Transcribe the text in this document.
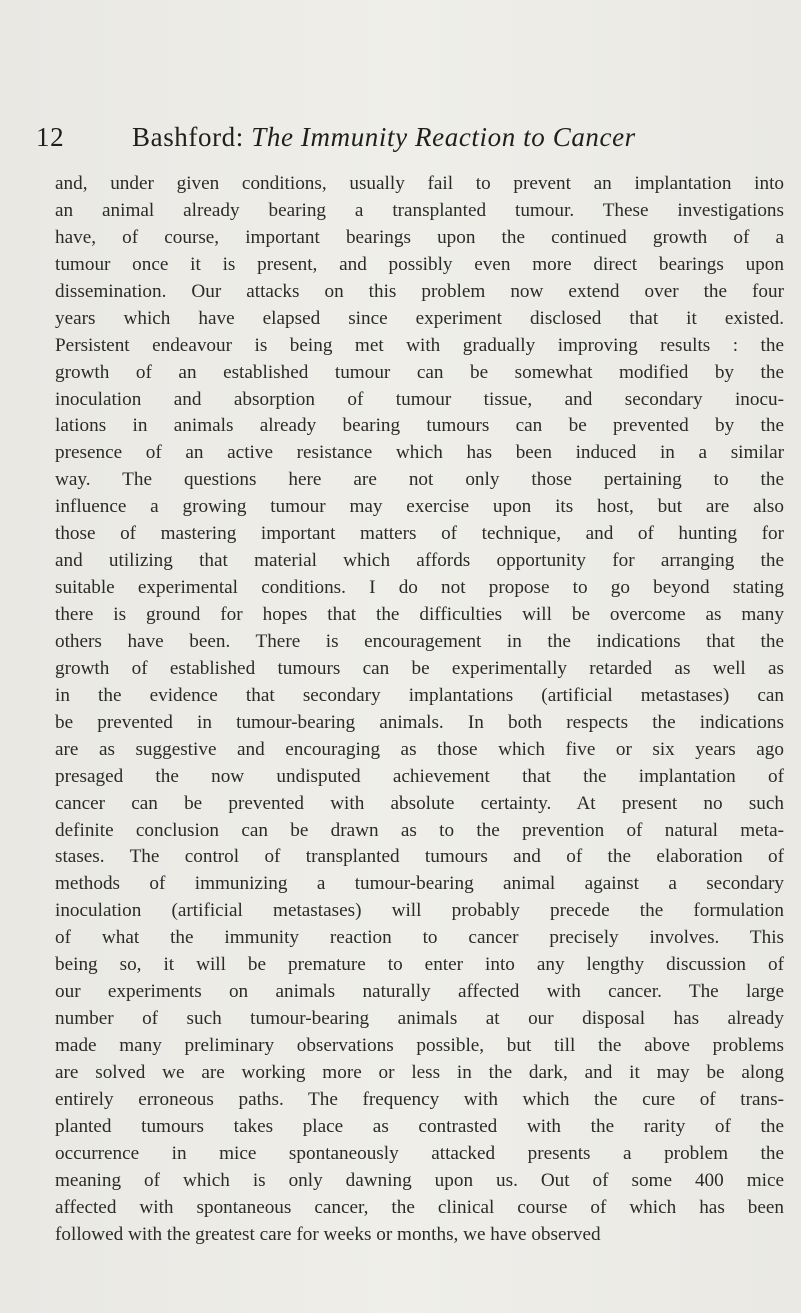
12	Bashford: The Immunity Reaction to Cancer
and, under given conditions, usually fail to prevent an implantation into
an animal already bearing a transplanted tumour. These investigations
have, of course, important bearings upon the continued growth of a
tumour once it is present, and possibly even more direct bearings upon
dissemination. Our attacks on this problem now extend over the four
years which have elapsed since experiment disclosed that it existed.
Persistent endeavour is being met with gradually improving results : the
growth of an established tumour can be somewhat modified by the
inoculation and absorption of tumour tissue, and secondary inocu-
lations in animals already bearing tumours can be prevented by the
presence of an active resistance which has been induced in a similar
way. The questions here are not only those pertaining to the
influence a growing tumour may exercise upon its host, but are also
those of mastering important matters of technique, and of hunting for
and utilizing that material which affords opportunity for arranging the
suitable experimental conditions. I do not propose to go beyond stating
there is ground for hopes that the difficulties will be overcome as many
others have been. There is encouragement in the indications that the
growth of established tumours can be experimentally retarded as well as
in the evidence that secondary implantations (artificial metastases) can
be prevented in tumour-bearing animals. In both respects the indications
are as suggestive and encouraging as those which five or six years ago
presaged the now undisputed achievement that the implantation of
cancer can be prevented with absolute certainty. At present no such
definite conclusion can be drawn as to the prevention of natural meta-
stases. The control of transplanted tumours and of the elaboration of
methods of immunizing a tumour-bearing animal against a secondary
inoculation (artificial metastases) will probably precede the formulation
of what the immunity reaction to cancer precisely involves. This
being so, it will be premature to enter into any lengthy discussion of
our experiments on animals naturally affected with cancer. The large
number of such tumour-bearing animals at our disposal has already
made many preliminary observations possible, but till the above problems
are solved we are working more or less in the dark, and it may be along
entirely erroneous paths. The frequency with which the cure of trans-
planted tumours takes place as contrasted with the rarity of the
occurrence in mice spontaneously attacked presents a problem the
meaning of which is only dawning upon us. Out of some 400 mice
affected with spontaneous cancer, the clinical course of which has been
followed with the greatest care for weeks or months, we have observed
